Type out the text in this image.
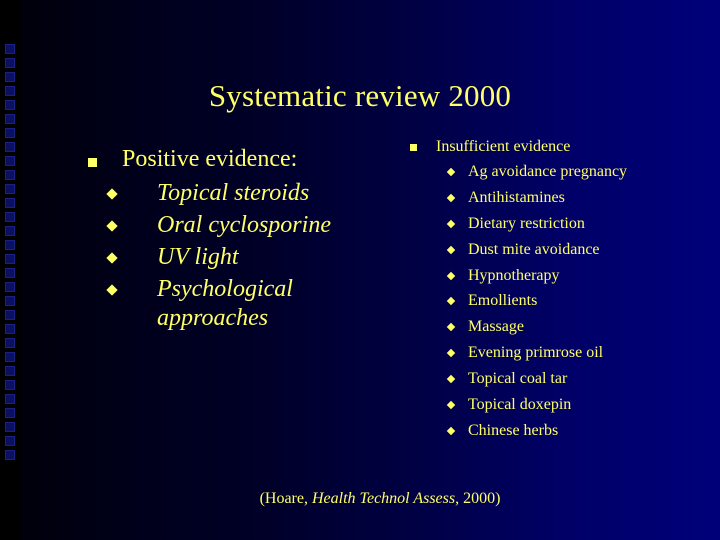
Systematic review 2000
Positive evidence:
Topical steroids
Oral cyclosporine
UV light
Psychological approaches
Insufficient evidence
Ag avoidance pregnancy
Antihistamines
Dietary restriction
Dust mite avoidance
Hypnotherapy
Emollients
Massage
Evening primrose oil
Topical coal tar
Topical doxepin
Chinese herbs
(Hoare, Health Technol Assess, 2000)
